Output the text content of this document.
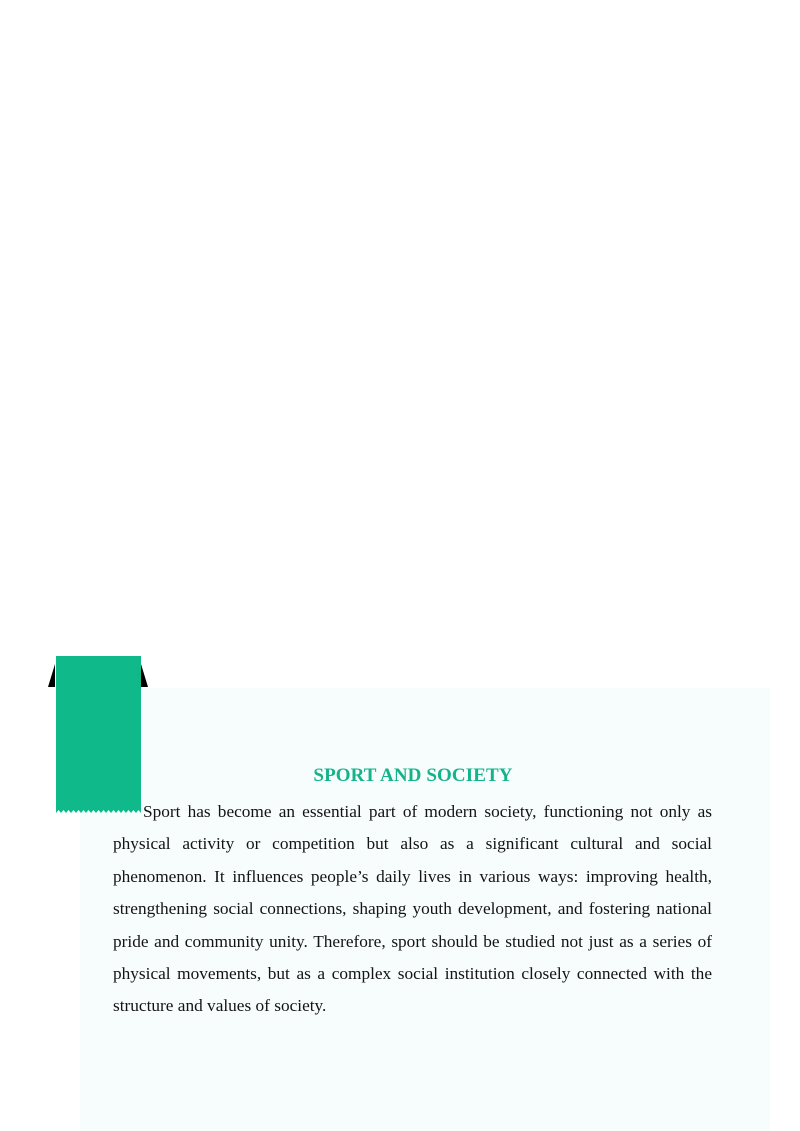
SPORT AND SOCIETY

Sport has become an essential part of modern society, functioning not only as physical activity or competition but also as a significant cultural and social phenomenon. It influences people’s daily lives in various ways: improving health, strengthening social connections, shaping youth development, and fostering national pride and community unity. Therefore, sport should be studied not just as a series of physical movements, but as a complex social institution closely connected with the structure and values of society.
